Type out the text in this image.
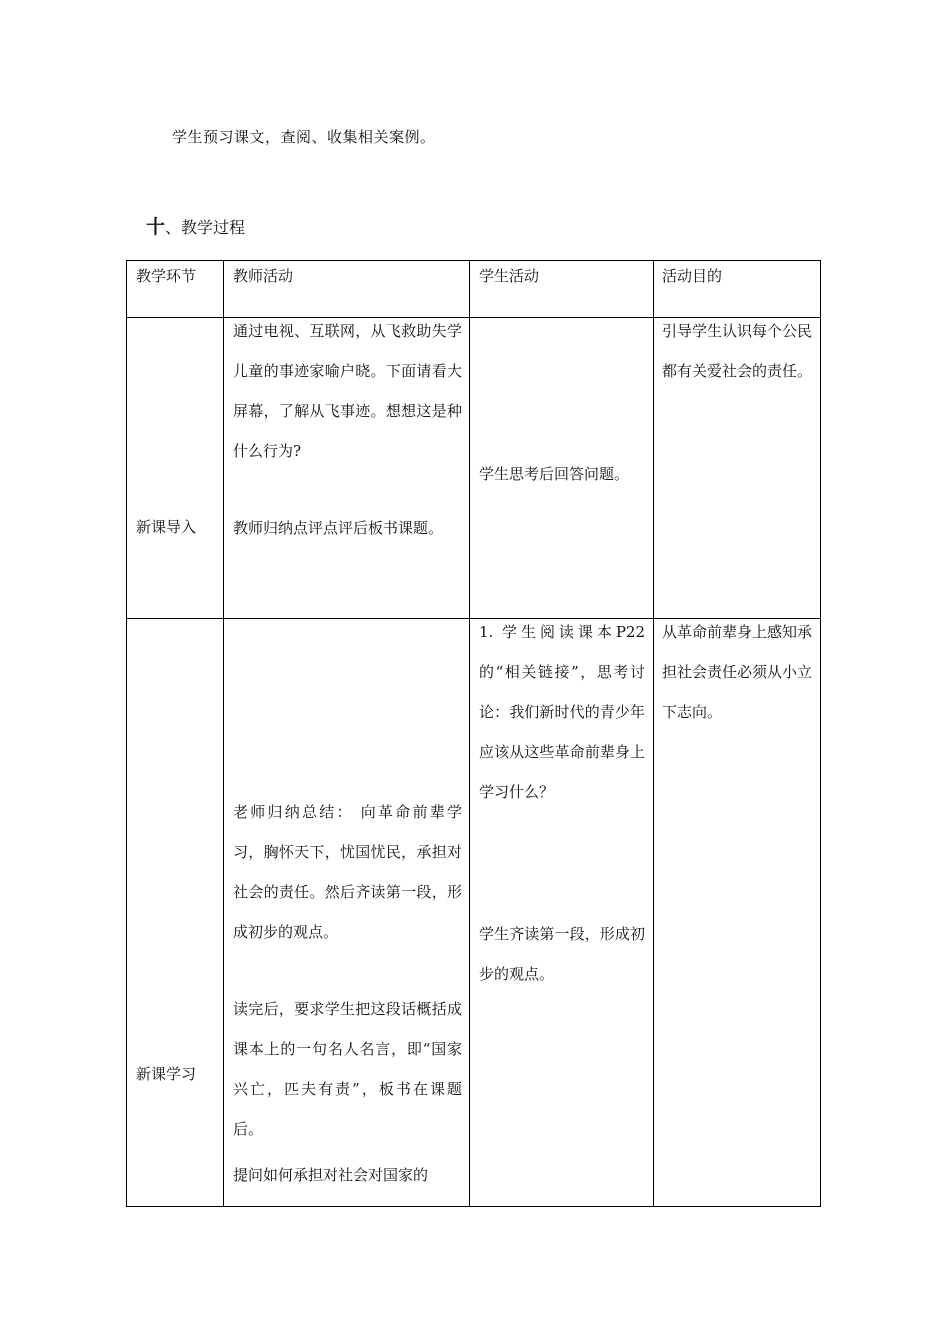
学生预习课文，查阅、收集相关案例。
十、教学过程
教学环节 教师活动	学生活动	活动目的
新课导入

通过电视、互联网，从飞救助失学儿童的事迹家喻户晓。下面请看大屏幕，了解从飞事迹。想想这是种什么行为?

教师归纳点评点评后板书课题。

学生思考后回答问题。

引导学生认识每个公民都有关爱社会的责任。

新课学习

老师归纳总结： 向革命前辈学习，胸怀天下，忧国忧民，承担对社会的责任。然后齐读第一段，形成初步的观点。

读完后，要求学生把这段话概括成课本上的一句名人名言，即“国家兴亡，匹夫有责”，板书在课题后。

提问如何承担对社会对国家的

1. 学生阅读课本P22的“相关链接”，思考讨论：我们新时代的青少年应该从这些革命前辈身上学习什么？

学生齐读第一段，形成初步的观点。

从革命前辈身上感知承担社会责任必须从小立下志向。
